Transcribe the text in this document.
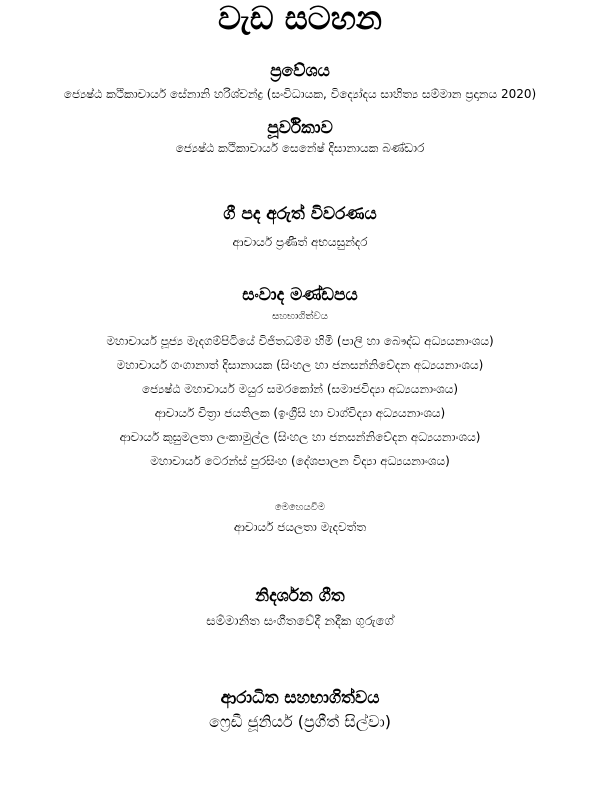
වැඩ සටහන
ප්‍රවේශය
ජ්‍යෙෂ්ඨ කථිකාචාර්ය සේනානි හරිශ්චන්ද්‍ර (සංවිධායක, විද්‍යෝදය සාහිත්‍ය සම්මාන ප්‍රදානය 2020)
පූර්විකාව
ජ්‍යෙෂ්ඨ කථිකාචාර්ය සෙනේෂ් දිසානායක බණ්ඩාර
ගී පද අරුත් විවරණය
ආචාර්ය ප්‍රණීත් අභයසුන්දර
සංවාද මණ්ඩපය
සහභාගිත්වය
මහාචාර්ය පූජ්‍ය මැදගම්පිටියේ විජිතධම්ම හිමි (පාලි හා බෞද්ධ අධ්‍යයනාංශය)
මහාචාර්ය ගංගානාත් දිසානායක (සිංහල හා ජනසන්නිවේදන අධ්‍යයනාංශය)
ජ්‍යෙෂ්ඨ මහාචාර්ය මයුර සමරකෝන් (සමාජවිද්‍යා අධ්‍යයනාංශය)
ආචාර්ය චිත්‍රා ජයතිලක (ඉංග්‍රීසි හා වාග්විද්‍යා අධ්‍යයනාංශය)
ආචාර්ය කුසුමලතා ලංකාමුල්ල (සිංහල හා ජනසන්නිවේදන අධ්‍යයනාංශය)
මහාචාර්ය ටෙරන්ස් පුරසිංහ (දේශපාලන විද්‍යා අධ්‍යයනාංශය)
මෙහෙයවීම
ආචාර්ය ජයලතා මැදවත්ත
නිදර්ශන ගීත
සම්මානිත සංගීතවේදී නදීක ගුරුගේ
ආරාධිත සහභාගිත්වය
ෆ්‍රෙඩී ජූනියර් (ප්‍රගීත් සිල්වා)
